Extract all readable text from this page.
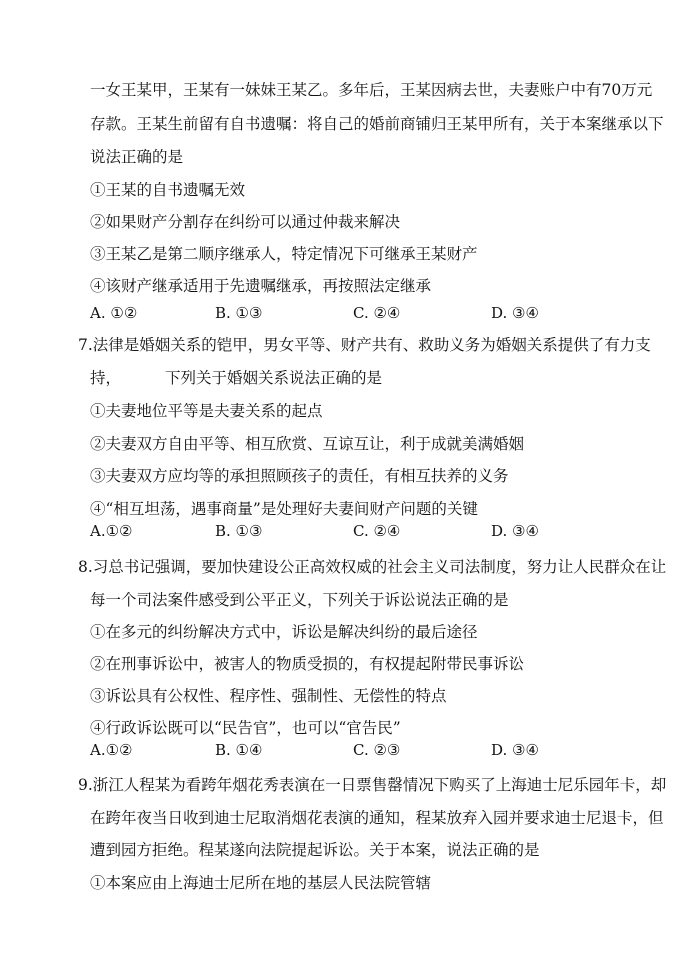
一女王某甲，王某有一妹妹王某乙。多年后，王某因病去世，夫妻账户中有70万元
存款。王某生前留有自书遗嘱：将自己的婚前商铺归王某甲所有，关于本案继承以下
说法正确的是
①王某的自书遗嘱无效
②如果财产分割存在纠纷可以通过仲裁来解决
③王某乙是第二顺序继承人，特定情况下可继承王某财产
④该财产继承适用于先遗嘱继承，再按照法定继承
A. ①②	B. ①③	C. ②④	D. ③④
7.法律是婚姻关系的铠甲，男女平等、财产共有、救助义务为婚姻关系提供了有力支
持，	下列关于婚姻关系说法正确的是
①夫妻地位平等是夫妻关系的起点
②夫妻双方自由平等、相互欣赏、互谅互让，利于成就美满婚姻
③夫妻双方应均等的承担照顾孩子的责任，有相互扶养的义务
④“相互坦荡，遇事商量”是处理好夫妻间财产问题的关键
A.①②	B. ①③	C. ②④	D. ③④
8.习总书记强调，要加快建设公正高效权威的社会主义司法制度，努力让人民群众在让
每一个司法案件感受到公平正义，下列关于诉讼说法正确的是
①在多元的纠纷解决方式中，诉讼是解决纠纷的最后途径
②在刑事诉讼中，被害人的物质受损的，有权提起附带民事诉讼
③诉讼具有公权性、程序性、强制性、无偿性的特点
④行政诉讼既可以“民告官”，也可以“官告民”
A.①②	B. ①④	C. ②③	D. ③④
9.浙江人程某为看跨年烟花秀表演在一日票售罄情况下购买了上海迪士尼乐园年卡，却
在跨年夜当日收到迪士尼取消烟花表演的通知，程某放弃入园并要求迪士尼退卡，但
遭到园方拒绝。程某遂向法院提起诉讼。关于本案，说法正确的是
①本案应由上海迪士尼所在地的基层人民法院管辖
